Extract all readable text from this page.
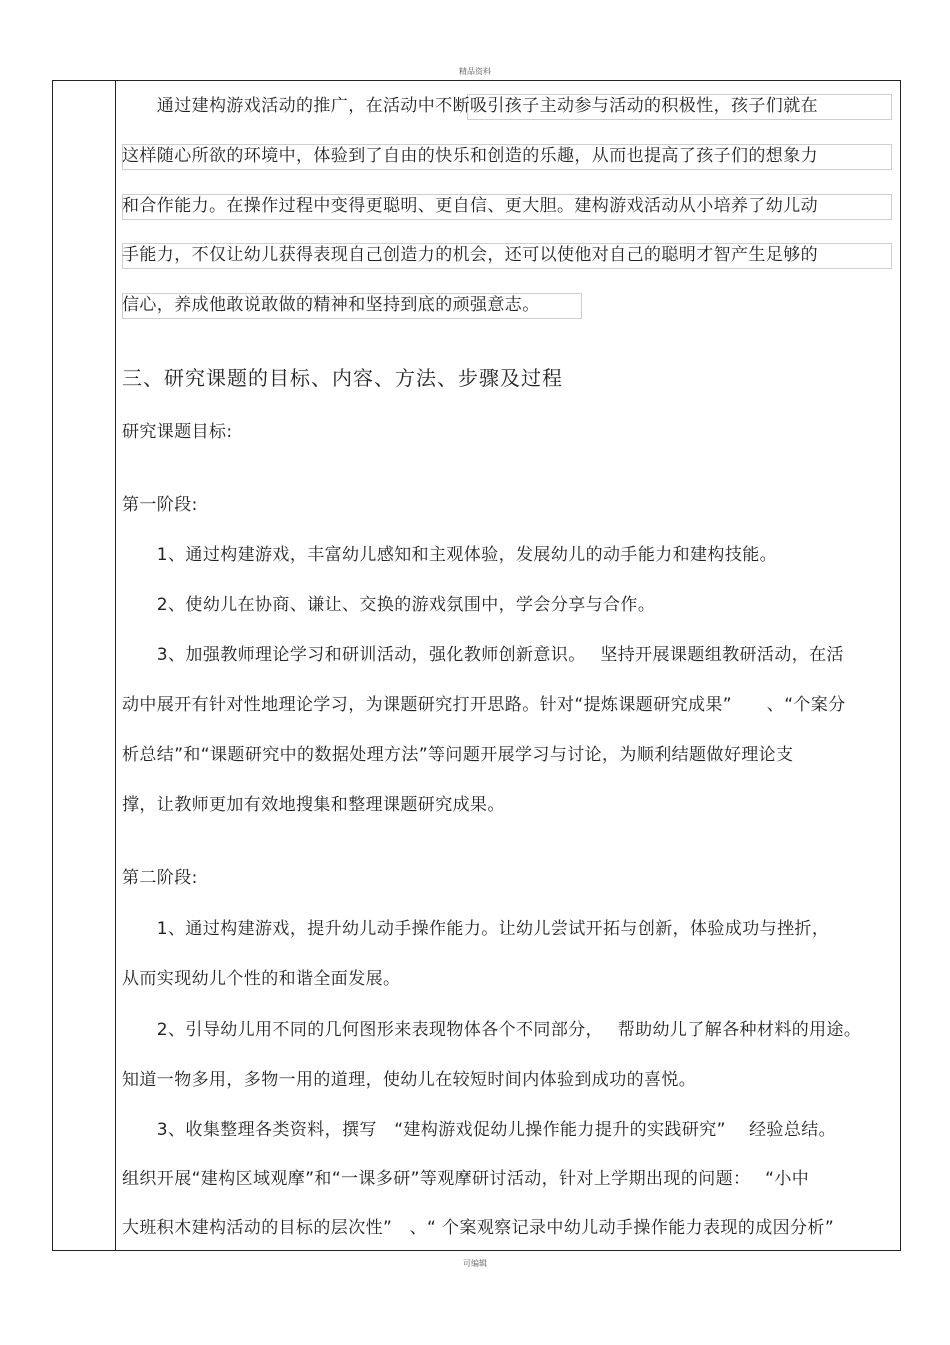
精品资料
　　通过建构游戏活动的推广，在活动中不断吸引孩子主动参与活动的积极性，孩子们就在
这样随心所欲的环境中，体验到了自由的快乐和创造的乐趣，从而也提高了孩子们的想象力
和合作能力。在操作过程中变得更聪明、更自信、更大胆。建构游戏活动从小培养了幼儿动
手能力，不仅让幼儿获得表现自己创造力的机会，还可以使他对自己的聪明才智产生足够的
信心，养成他敢说敢做的精神和坚持到底的顽强意志。
三、研究课题的目标、内容、方法、步骤及过程
研究课题目标:
第一阶段:
　　1、通过构建游戏，丰富幼儿感知和主观体验，发展幼儿的动手能力和建构技能。
　　2、使幼儿在协商、谦让、交换的游戏氛围中，学会分享与合作。
　　3、加强教师理论学习和研训活动，强化教师创新意识。　 坚持开展课题组教研活动，在活
动中展开有针对性地理论学习，为课题研究打开思路。针对“提炼课题研究成果”　　、“个案分
析总结”和“课题研究中的数据处理方法”等问题开展学习与讨论，为顺利结题做好理论支
撑，让教师更加有效地搜集和整理课题研究成果。
第二阶段:
　　1、通过构建游戏，提升幼儿动手操作能力。让幼儿尝试开拓与创新，体验成功与挫折，
从而实现幼儿个性的和谐全面发展。
　　2、引导幼儿用不同的几何图形来表现物体各个不同部分，　 帮助幼儿了解各种材料的用途。
知道一物多用，多物一用的道理，使幼儿在较短时间内体验到成功的喜悦。
　　3、收集整理各类资料，撰写　“建构游戏促幼儿操作能力提升的实践研究”　 经验总结。
组织开展“建构区域观摩”和“一课多研”等观摩研讨活动，针对上学期出现的问题：　 “小中
大班积木建构活动的目标的层次性”　、“ 个案观察记录中幼儿动手操作能力表现的成因分析”
可编辑
